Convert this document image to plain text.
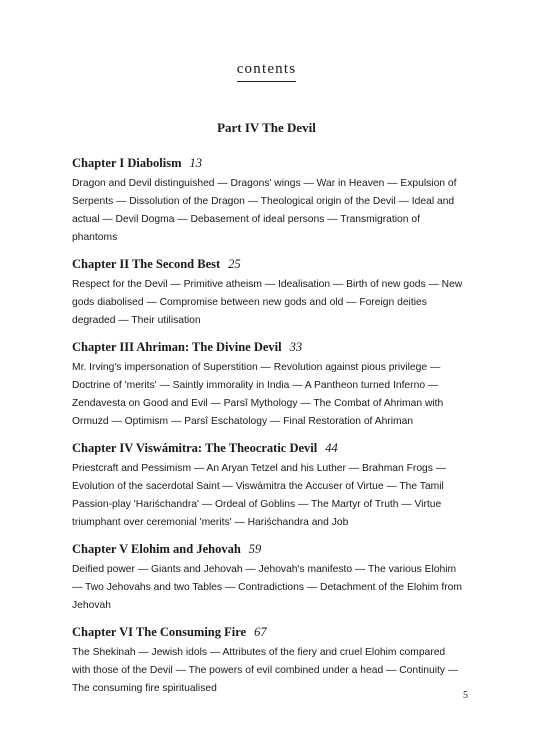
contents
Part IV The Devil
Chapter I Diabolism 13

Dragon and Devil distinguished — Dragons' wings — War in Heaven — Expulsion of Serpents — Dissolution of the Dragon — Theological origin of the Devil — Ideal and actual — Devil Dogma — Debasement of ideal persons — Transmigration of phantoms

Chapter II The Second Best 25

Respect for the Devil — Primitive atheism — Idealisation — Birth of new gods — New gods diabolised — Compromise between new gods and old — Foreign deities degraded — Their utilisation

Chapter III Ahriman: The Divine Devil 33

Mr. Irving's impersonation of Superstition — Revolution against pious privilege — Doctrine of 'merits' — Saintly immorality in India — A Pantheon turned Inferno — Zendavesta on Good and Evil — Parsî Mythology — The Combat of Ahriman with Ormuzd — Optimism — Parsî Eschatology — Final Restoration of Ahriman

Chapter IV Viswámitra: The Theocratic Devil 44

Priestcraft and Pessimism — An Aryan Tetzel and his Luther — Brahman Frogs — Evolution of the sacerdotal Saint — Viswámitra the Accuser of Virtue — The Tamil Passion-play 'Hariśchandra' — Ordeal of Goblins — The Martyr of Truth — Virtue triumphant over ceremonial 'merits' — Hariśchandra and Job

Chapter V Elohim and Jehovah 59

Deified power — Giants and Jehovah — Jehovah's manifesto — The various Elohim — Two Jehovahs and two Tables — Contradictions — Detachment of the Elohim from Jehovah

Chapter VI The Consuming Fire 67

The Shekinah — Jewish idols — Attributes of the fiery and cruel Elohim compared with those of the Devil — The powers of evil combined under a head — Continuity — The consuming fire spiritualised

5
